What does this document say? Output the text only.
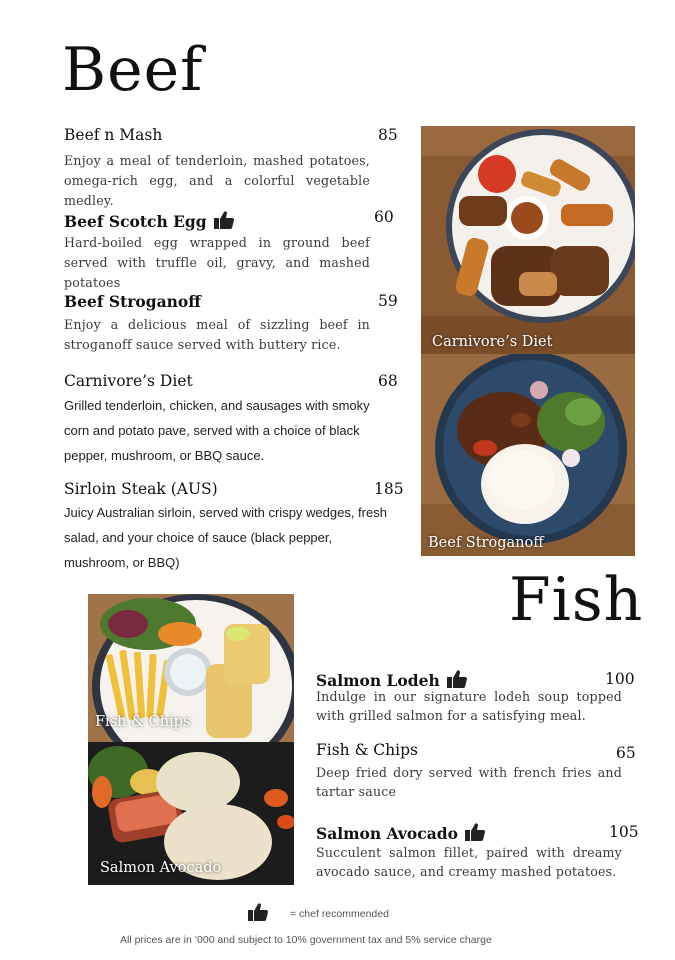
Beef
Beef n Mash	85
Enjoy a meal of tenderloin, mashed potatoes, omega-rich egg, and a colorful vegetable medley.
Beef Scotch Egg	60
Hard-boiled egg wrapped in ground beef served with truffle oil, gravy, and mashed potatoes
Beef Stroganoff	59
Enjoy a delicious meal of sizzling beef in stroganoff sauce served with buttery rice.
Carnivore’s Diet	68
Grilled tenderloin, chicken, and sausages with smoky corn and potato pave, served with a choice of black pepper, mushroom, or BBQ sauce.
Sirloin Steak (AUS)	185
Juicy Australian sirloin, served with crispy wedges, fresh salad, and your choice of sauce (black pepper, mushroom, or BBQ)
Carnivore’s Diet
Beef Stroganoff
Fish
Fish & Chips
Salmon Avocado
Salmon Lodeh	100
Indulge in our signature lodeh soup topped with grilled salmon for a satisfying meal.
Fish & Chips	65
Deep fried dory served with french fries and tartar sauce
Salmon Avocado	105
Succulent salmon fillet, paired with dreamy avocado sauce, and creamy mashed potatoes.
= chef recommended
All prices are in ’000 and subject to 10% government tax and 5% service charge
